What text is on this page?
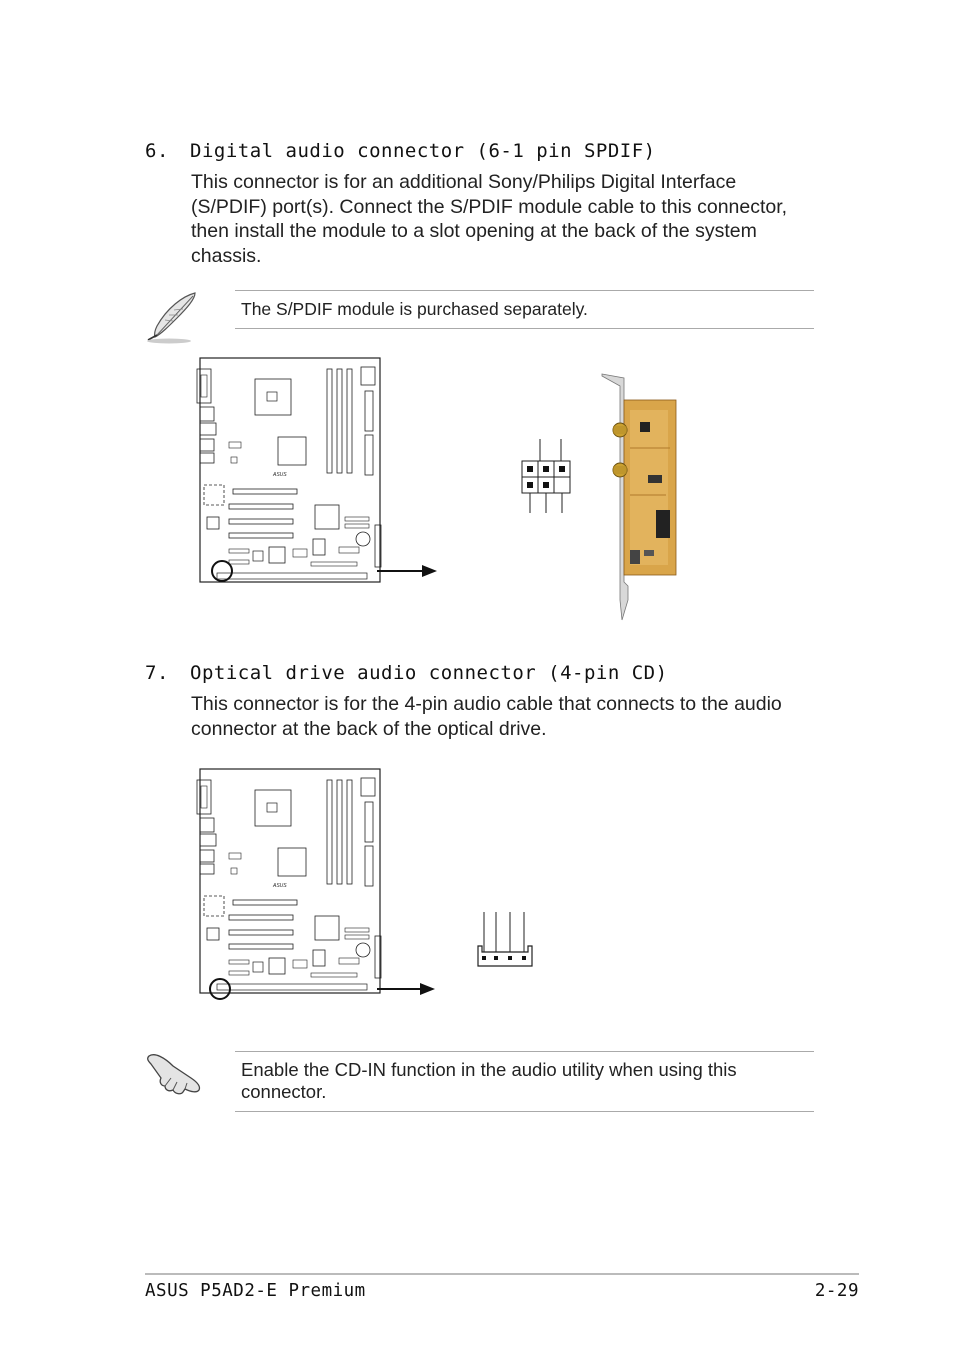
6. Digital audio connector (6-1 pin SPDIF)
This connector is for an additional Sony/Philips Digital Interface (S/PDIF) port(s). Connect the S/PDIF module cable to this connector, then install the module to a slot opening at the back of the system chassis.
The S/PDIF module is purchased separately.
ASUS
7. Optical drive audio connector (4-pin CD)
This connector is for the 4-pin audio cable that connects to the audio connector at the back of the optical drive.
ASUS
Enable the CD-IN function in the audio utility when using this connector.
ASUS P5AD2-E Premium	2-29
